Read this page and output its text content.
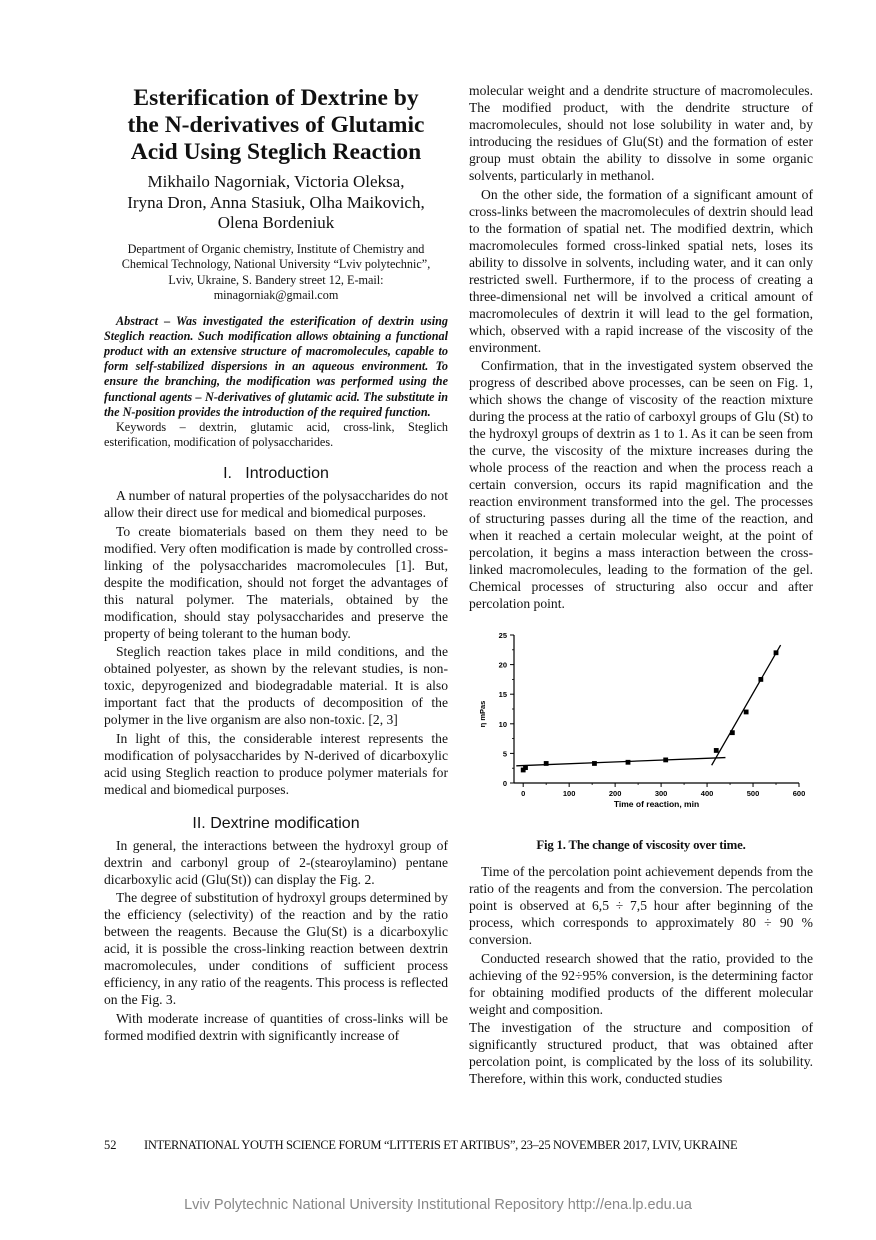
Esterification of Dextrine by
the N-derivatives of Glutamic
Acid Using Steglich Reaction
Mikhailo Nagorniak, Victoria Oleksa,
Iryna Dron, Anna Stasiuk, Olha Maikovich,
Olena Bordeniuk
Department of Organic chemistry, Institute of Chemistry and
Chemical Technology, National University “Lviv polytechnic”,
Lviv, Ukraine, S. Bandery street 12, E-mail:
minagorniak@gmail.com

Abstract – Was investigated the esterification of dextrin using Steglich reaction. Such modification allows obtaining a functional product with an extensive structure of macromolecules, capable to form self-stabilized dispersions in an aqueous environment. To ensure the branching, the modification was performed using the functional agents – N-derivatives of glutamic acid. The substitute in the N-position provides the introduction of the required function.

Keywords – dextrin, glutamic acid, cross-link, Steglich esterification, modification of polysaccharides.

I.   Introduction

A number of natural properties of the polysaccharides do not allow their direct use for medical and biomedical purposes.

To create biomaterials based on them they need to be modified. Very often modification is made by controlled cross-linking of the polysaccharides macromolecules [1]. But, despite the modification, should not forget the advantages of this natural polymer. The materials, obtained by the modification, should stay polysaccharides and preserve the property of being tolerant to the human body.

Steglich reaction takes place in mild conditions, and the obtained polyester, as shown by the relevant studies, is non-toxic, depyrogenized and biodegradable material. It is also important fact that the products of decomposition of the polymer in the live organism are also non-toxic. [2, 3]

In light of this, the considerable interest represents the modification of polysaccharides by N-derived of dicarboxylic acid using Steglich reaction to produce polymer materials for medical and biomedical purposes.

II. Dextrine modification

In general, the interactions between the hydroxyl group of dextrin and carbonyl group of 2-(stearoylamino) pentane dicarboxylic acid (Glu(St)) can display the Fig. 2.

The degree of substitution of hydroxyl groups determined by the efficiency (selectivity) of the reaction and by the ratio between the reagents. Because the Glu(St) is a dicarboxylic acid, it is possible the cross-linking reaction between dextrin macromolecules, under conditions of sufficient process efficiency, in any ratio of the reagents. This process is reflected on the Fig. 3.

With moderate increase of quantities of cross-links will be formed modified dextrin with significantly increase of

molecular weight and a dendrite structure of macromolecules. The modified product, with the dendrite structure of macromolecules, should not lose solubility in water and, by introducing the residues of Glu(St) and the formation of ester group must obtain the ability to dissolve in some organic solvents, particularly in methanol.

On the other side, the formation of a significant amount of cross-links between the macromolecules of dextrin should lead to the formation of spatial net. The modified dextrin, which macromolecules formed cross-linked spatial nets, loses its ability to dissolve in solvents, including water, and it can only restricted swell. Furthermore, if to the process of creating a three-dimensional net will be involved a critical amount of macromolecules of dextrin it will lead to the gel formation, which, observed with a rapid increase of the viscosity of the environment.

Confirmation, that in the investigated system observed the progress of described above processes, can be seen on Fig. 1, which shows the change of viscosity of the reaction mixture during the process at the ratio of carboxyl groups of Glu (St) to the hydroxyl groups of dextrin as 1 to 1. As it can be seen from the curve, the viscosity of the mixture increases during the whole process of the reaction and when the process reach a certain conversion, occurs its rapid magnification and the reaction environment transformed into the gel. The processes of structuring passes during all the time of the reaction, and when it reached a certain molecular weight, at the point of percolation, it begins a mass interaction between the cross-linked macromolecules, leading to the formation of the gel. Chemical processes of structuring also occur and after percolation point.

0
5
10
15
20
25
0	100	200	300	400	500	600
Time of reaction, min
η mPas
Fig 1. The change of viscosity over time.

Time of the percolation point achievement depends from the ratio of the reagents and from the conversion. The percolation point is observed at 6,5 ÷ 7,5 hour after beginning of the process, which corresponds to approximately 80 ÷ 90 % conversion.

Conducted research showed that the ratio, provided to the achieving of the 92÷95% conversion, is the determining factor for obtaining modified products of the different molecular weight and composition.

The investigation of the structure and composition of significantly structured product, that was obtained after percolation point, is complicated by the loss of its solubility. Therefore, within this work, conducted studies

52 INTERNATIONAL YOUTH SCIENCE FORUM “LITTERIS ET ARTIBUS”, 23–25 NOVEMBER 2017, LVIV, UKRAINE
Lviv Polytechnic National University Institutional Repository http://ena.lp.edu.ua
